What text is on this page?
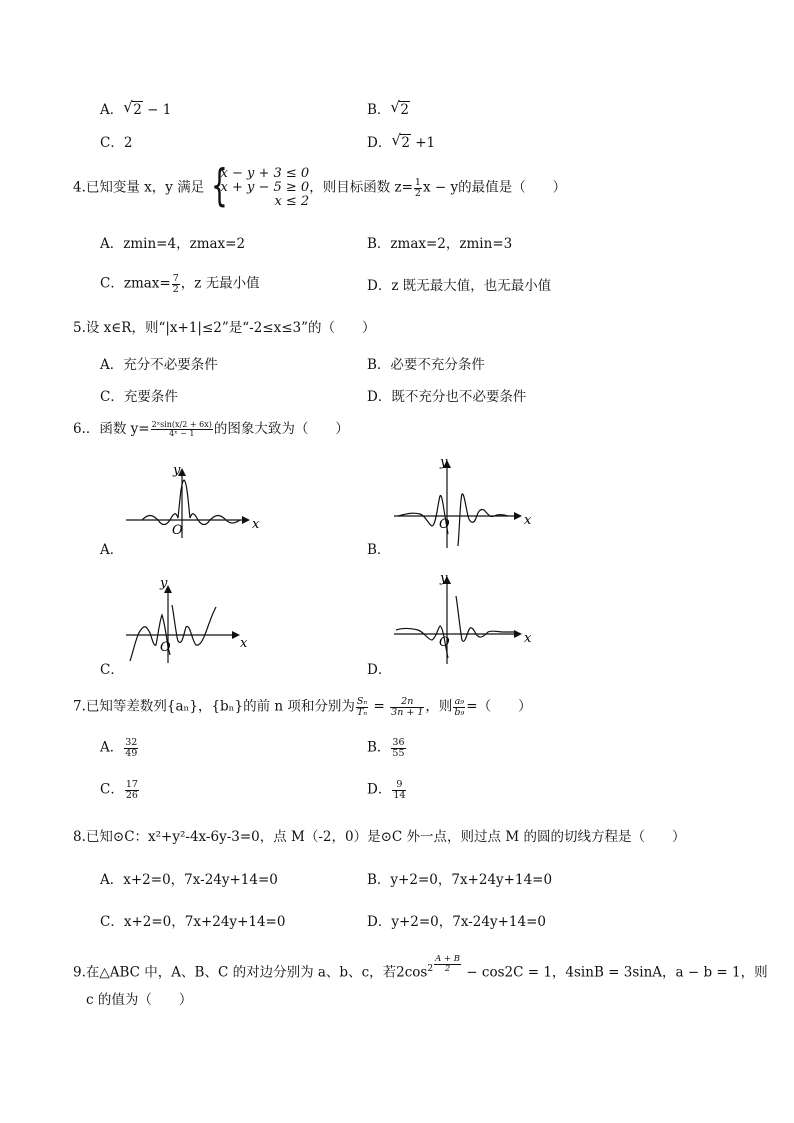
A． √ 2 − 1	B． √ 2
C．2	D． √ 2 +1
4.已知变量 x，y 满足 {
x − y + 3 ≤ 0
x + y − 5 ≥ 0
x ≤ 2
，则目标函数 $z= \frac{1}{2}$ x − y的最值是（　　）
A．zmin=4，zmax=2	B．zmax=2，zmin=3
C．$zmax= \frac{7}{2}$ ，z 无最小值	D．z 既无最大值，也无最小值
5.设 x∈R，则“|x+1|≤2”是“-2≤x≤3”的（　　）
A．充分不必要条件	B．必要不充分条件
C．充要条件	D．既不充分也不必要条件
6.．函数 $y= \frac{\text{2ˣsin(x/2 + 6x)}}{\text{4ˣ − 1}}$ 的图象大致为（　　）
x
y
O
A．
x
y
O
B．
x
y
O
C．
x
y
O
D．
7.已知等差数列{aₙ}，{bₙ}的前 n 项和分别为 $\frac{\text{Sₙ}}{\text{Tₙ}} = \frac{2n}{3n + 1}$ ，则 $\frac{\text{a₉}}{\text{b₉}}$ =（　　）
A． $\frac{32}{49}$	B． $\frac{36}{55}$
C． $\frac{17}{26}$	D． $\frac{9}{14}$
8.已知⊙C：x²+y²-4x-6y-3=0，点 M（-2，0）是⊙C 外一点，则过点 M 的圆的切线方程是（　　）
A．x+2=0，7x-24y+14=0	B．y+2=0，7x+24y+14=0
C．x+2=0，7x+24y+14=0	D．y+2=0，7x-24y+14=0
9.在△ABC 中，A、B、C 的对边分别为 a、b、c，若$2\cos^2 \frac{A + B}{2} - \cos 2C = 1$，4sinB = 3sinA，a − b = 1，则
c 的值为（　　）
